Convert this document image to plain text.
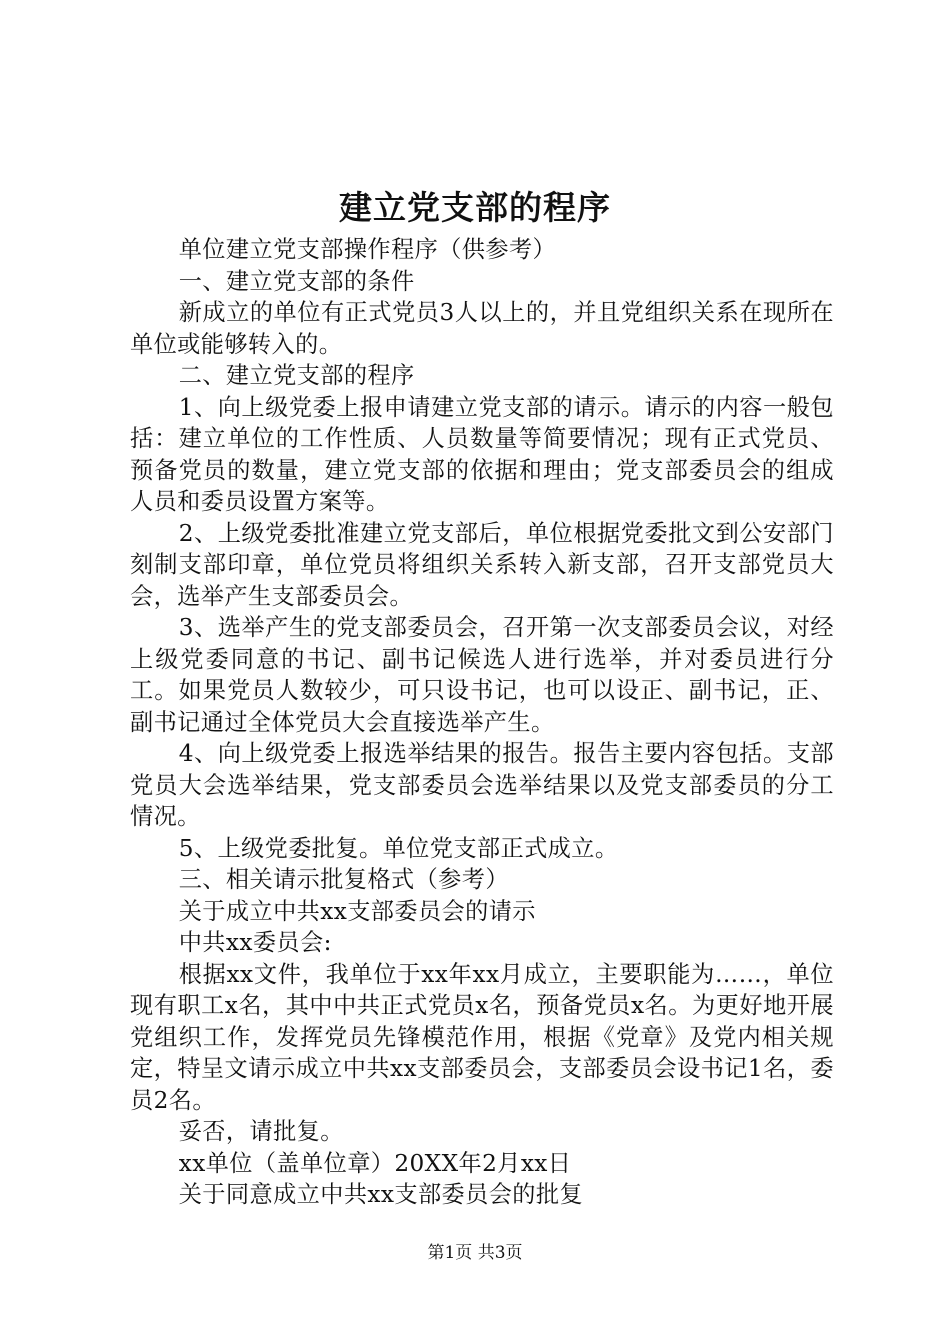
建立党支部的程序

单位建立党支部操作程序（供参考）

一、建立党支部的条件

新成立的单位有正式党员3人以上的，并且党组织关系在现所在单位或能够转入的。

二、建立党支部的程序

1、向上级党委上报申请建立党支部的请示。请示的内容一般包括：建立单位的工作性质、人员数量等简要情况；现有正式党员、预备党员的数量，建立党支部的依据和理由；党支部委员会的组成人员和委员设置方案等。

2、上级党委批准建立党支部后，单位根据党委批文到公安部门刻制支部印章，单位党员将组织关系转入新支部，召开支部党员大会，选举产生支部委员会。

3、选举产生的党支部委员会，召开第一次支部委员会议，对经上级党委同意的书记、副书记候选人进行选举，并对委员进行分工。如果党员人数较少，可只设书记，也可以设正、副书记，正、副书记通过全体党员大会直接选举产生。

4、向上级党委上报选举结果的报告。报告主要内容包括。支部党员大会选举结果，党支部委员会选举结果以及党支部委员的分工情况。

5、上级党委批复。单位党支部正式成立。

三、相关请示批复格式（参考）

关于成立中共xx支部委员会的请示

中共xx委员会:

根据xx文件，我单位于xx年xx月成立，主要职能为……，单位现有职工x名，其中中共正式党员x名，预备党员x名。为更好地开展党组织工作，发挥党员先锋模范作用，根据《党章》及党内相关规定，特呈文请示成立中共xx支部委员会，支部委员会设书记1名，委员2名。

妥否，请批复。

xx单位（盖单位章）20XX年2月xx日

关于同意成立中共xx支部委员会的批复

第1页 共3页
